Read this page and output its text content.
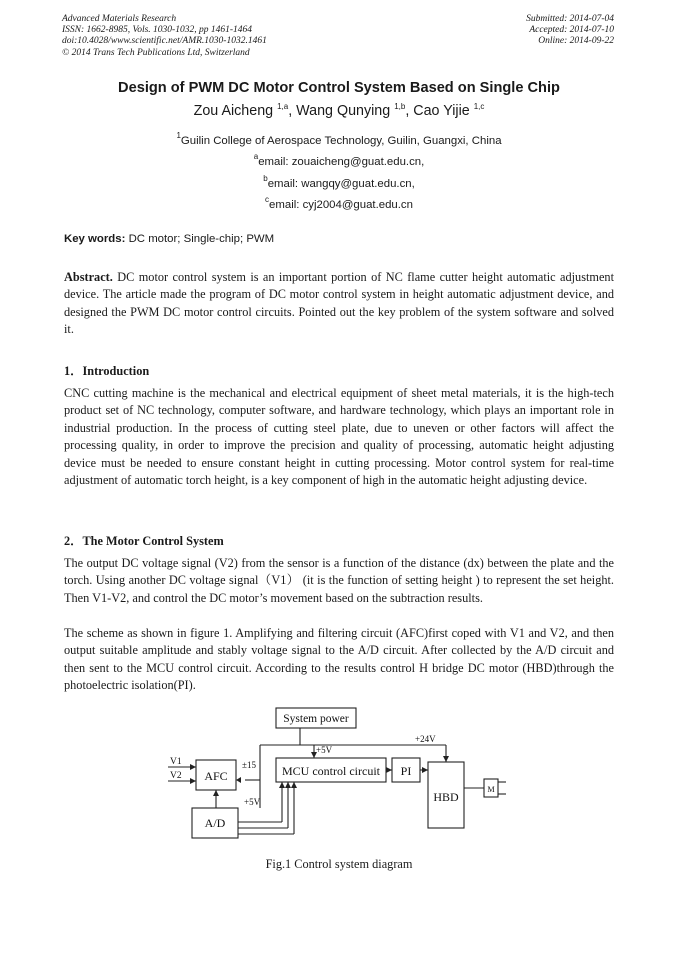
Advanced Materials Research
ISSN: 1662-8985, Vols. 1030-1032, pp 1461-1464
doi:10.4028/www.scientific.net/AMR.1030-1032.1461
© 2014 Trans Tech Publications Ltd, Switzerland
Submitted: 2014-07-04
Accepted: 2014-07-10
Online: 2014-09-22
Design of PWM DC Motor Control System Based on Single Chip
Zou Aicheng $^{1,a}$, Wang Qunying $^{1,b}$, Cao Yijie $^{1,c}$
$^1$Guilin College of Aerospace Technology, Guilin, Guangxi, China
$^a$email: zouaicheng@guat.edu.cn,
$^b$email: wangqy@guat.edu.cn,
$^c$email: cyj2004@guat.edu.cn
Key words: DC motor; Single-chip; PWM
Abstract. DC motor control system is an important portion of NC flame cutter height automatic adjustment device. The article made the program of DC motor control system in height automatic adjustment device, and designed the PWM DC motor control circuits. Pointed out the key problem of the system software and solved it.
1．Introduction
CNC cutting machine is the mechanical and electrical equipment of sheet metal materials, it is the high-tech product set of NC technology, computer software, and hardware technology, which plays an important role in industrial production. In the process of cutting steel plate, due to uneven or other factors will affect the processing quality, in order to improve the precision and quality of processing, automatic height adjusting device must be needed to ensure constant height in cutting processing. Motor control system for real-time adjustment of automatic torch height, is a key component of high in the automatic height adjusting device.
2．The Motor Control System
The output DC voltage signal (V2) from the sensor is a function of the distance (dx) between the plate and the torch. Using another DC voltage signal（V1） (it is the function of setting height ) to represent the set height. Then V1-V2, and control the DC motor’s movement based on the subtraction results.
The scheme as shown in figure 1. Amplifying and filtering circuit (AFC)first coped with V1 and V2, and then output suitable amplitude and stably voltage signal to the A/D circuit. After collected by the A/D circuit and then sent to the MCU control circuit. According to the results control H bridge DC motor (HBD)through the photoelectric isolation(PI).
System power
AFC
A/D
MCU control circuit PI
HBD
M
V1
V2
±15
+5V
+5V
+24V
Fig.1 Control system diagram
